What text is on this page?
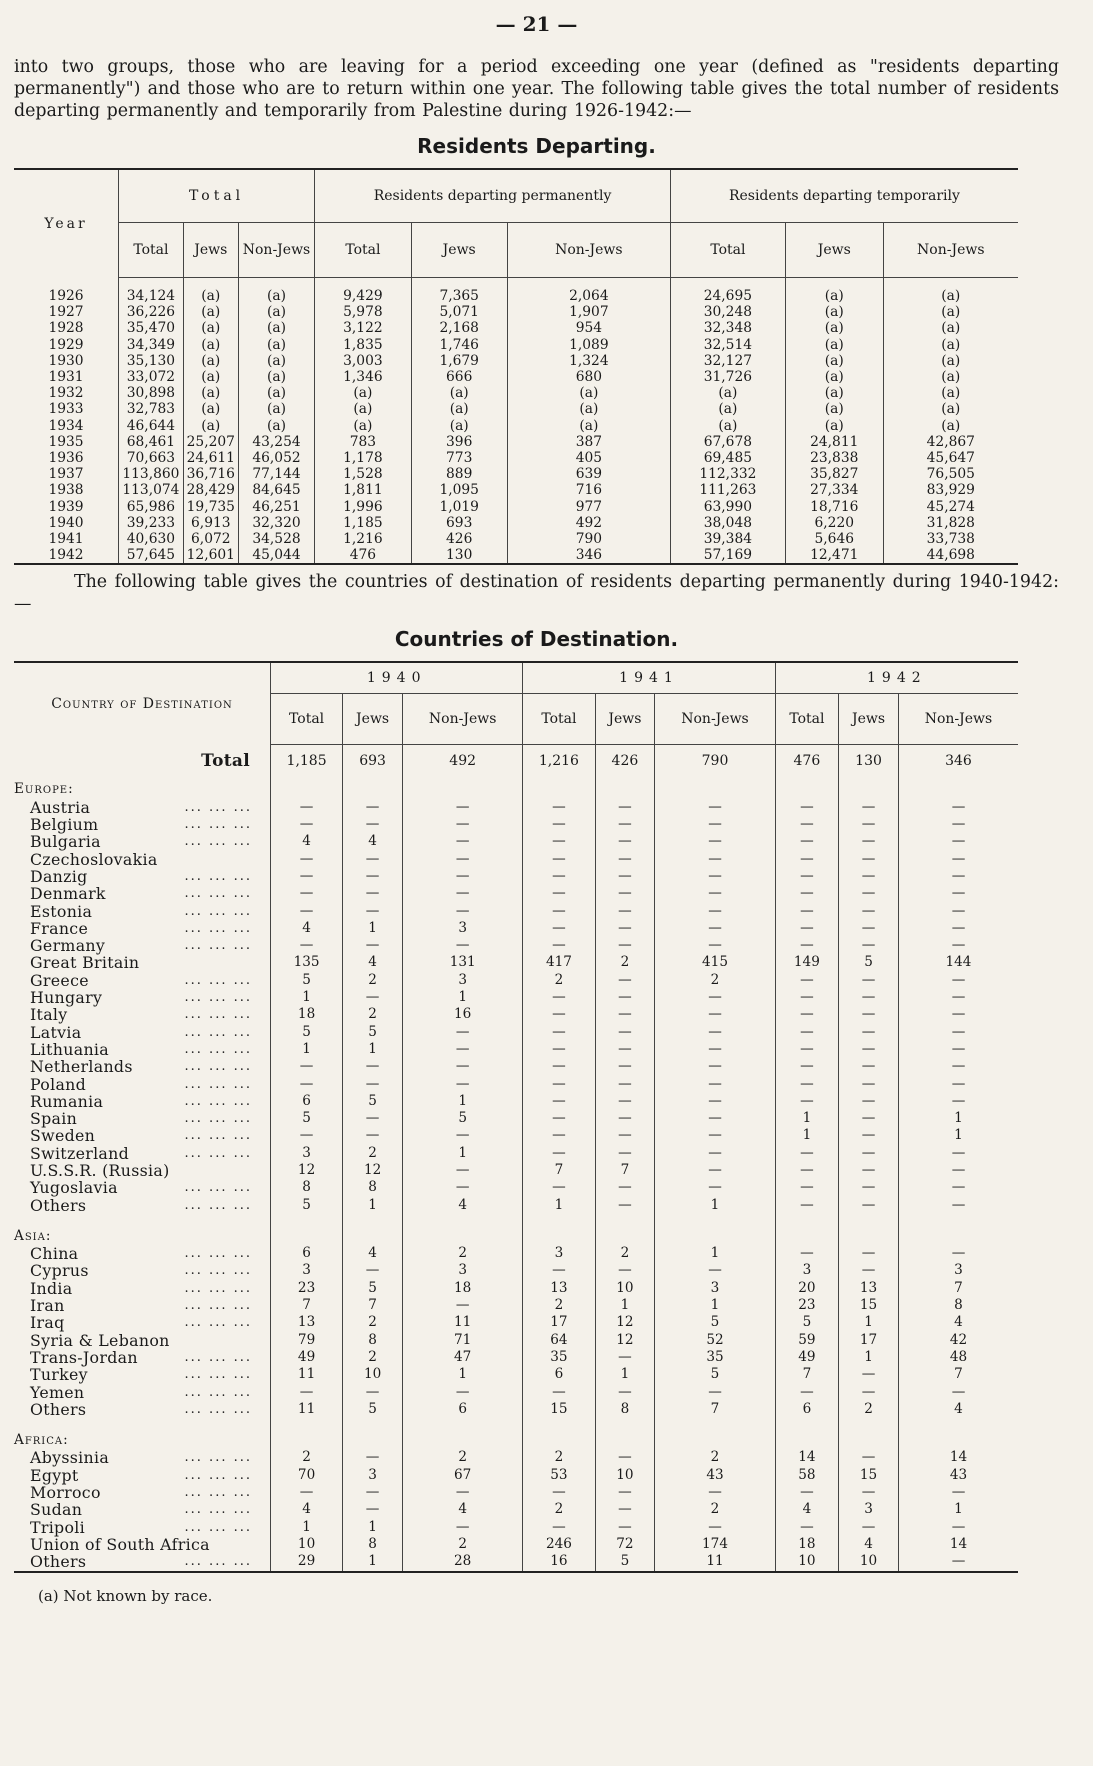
— 21 —

into two groups, those who are leaving for a period exceeding one year (defined as "residents departing permanently") and those who are to return within one year. The following table gives the total number of residents departing permanently and temporarily from Palestine during 1926-1942:—

Residents Departing.
Year	Total			Residents departing permanently			Residents departing temporarily		
	Total	Jews	Non-Jews	Total	Jews	Non-Jews	Total	Jews	Non-Jews
1926	34,124	(a)	(a)	9,429	7,365	2,064	24,695	(a)	(a)
1927	36,226	(a)	(a)	5,978	5,071	1,907	30,248	(a)	(a)
1928	35,470	(a)	(a)	3,122	2,168	954	32,348	(a)	(a)
1929	34,349	(a)	(a)	1,835	1,746	1,089	32,514	(a)	(a)
1930	35,130	(a)	(a)	3,003	1,679	1,324	32,127	(a)	(a)
1931	33,072	(a)	(a)	1,346	666	680	31,726	(a)	(a)
1932	30,898	(a)	(a)	(a)	(a)	(a)	(a)	(a)	(a)
1933	32,783	(a)	(a)	(a)	(a)	(a)	(a)	(a)	(a)
1934	46,644	(a)	(a)	(a)	(a)	(a)	(a)	(a)	(a)
1935	68,461	25,207	43,254	783	396	387	67,678	24,811	42,867
1936	70,663	24,611	46,052	1,178	773	405	69,485	23,838	45,647
1937	113,860	36,716	77,144	1,528	889	639	112,332	35,827	76,505
1938	113,074	28,429	84,645	1,811	1,095	716	111,263	27,334	83,929
1939	65,986	19,735	46,251	1,996	1,019	977	63,990	18,716	45,274
1940	39,233	6,913	32,320	1,185	693	492	38,048	6,220	31,828
1941	40,630	6,072	34,528	1,216	426	790	39,384	5,646	33,738
1942	57,645	12,601	45,044	476	130	346	57,169	12,471	44,698

The following table gives the countries of destination of residents departing permanently during 1940-1942:—

Countries of Destination.
Country of Destination	1940			1941			1942		
	Total	Jews	Non-Jews	Total	Jews	Non-Jews	Total	Jews	Non-Jews
Total	1,185	693	492	1,216	426	790	476	130	346
Europe:									
Austria ... ... ...	—	—	—	—	—	—	—	—	—
Belgium ... ... ...	—	—	—	—	—	—	—	—	—
Bulgaria ... ... ...	4	4	—	—	—	—	—	—	—
Czechoslovakia	—	—	—	—	—	—	—	—	—
Danzig ... ... ...	—	—	—	—	—	—	—	—	—
Denmark ... ... ...	—	—	—	—	—	—	—	—	—
Estonia ... ... ...	—	—	—	—	—	—	—	—	—
France ... ... ...	4	1	3	—	—	—	—	—	—
Germany ... ... ...	—	—	—	—	—	—	—	—	—
Great Britain	135	4	131	417	2	415	149	5	144
Greece ... ... ...	5	2	3	2	—	2	—	—	—
Hungary ... ... ...	1	—	1	—	—	—	—	—	—
Italy ... ... ...	18	2	16	—	—	—	—	—	—
Latvia ... ... ...	5	5	—	—	—	—	—	—	—
Lithuania ... ... ...	1	1	—	—	—	—	—	—	—
Netherlands ... ... ...	—	—	—	—	—	—	—	—	—
Poland ... ... ...	—	—	—	—	—	—	—	—	—
Rumania ... ... ...	6	5	1	—	—	—	—	—	—
Spain ... ... ...	5	—	5	—	—	—	1	—	1
Sweden ... ... ...	—	—	—	—	—	—	1	—	1
Switzerland ... ... ...	3	2	1	—	—	—	—	—	—
U.S.S.R. (Russia)	12	12	—	7	7	—	—	—	—
Yugoslavia ... ... ...	8	8	—	—	—	—	—	—	—
Others ... ... ...	5	1	4	1	—	1	—	—	—

Asia:									
China ... ... ...	6	4	2	3	2	1	—	—	—
Cyprus ... ... ...	3	—	3	—	—	—	3	—	3
India ... ... ...	23	5	18	13	10	3	20	13	7
Iran ... ... ...	7	7	—	2	1	1	23	15	8
Iraq ... ... ...	13	2	11	17	12	5	5	1	4
Syria & Lebanon	79	8	71	64	12	52	59	17	42
Trans-Jordan ... ... ...	49	2	47	35	—	35	49	1	48
Turkey ... ... ...	11	10	1	6	1	5	7	—	7
Yemen ... ... ...	—	—	—	—	—	—	—	—	—
Others ... ... ...	11	5	6	15	8	7	6	2	4

Africa:									
Abyssinia ... ... ...	2	—	2	2	—	2	14	—	14
Egypt ... ... ...	70	3	67	53	10	43	58	15	43
Morroco ... ... ...	—	—	—	—	—	—	—	—	—
Sudan ... ... ...	4	—	4	2	—	2	4	3	1
Tripoli ... ... ...	1	1	—	—	—	—	—	—	—
Union of South Africa	10	8	2	246	72	174	18	4	14
Others ... ... ...	29	1	28	16	5	11	10	10	—
(a) Not known by race.
